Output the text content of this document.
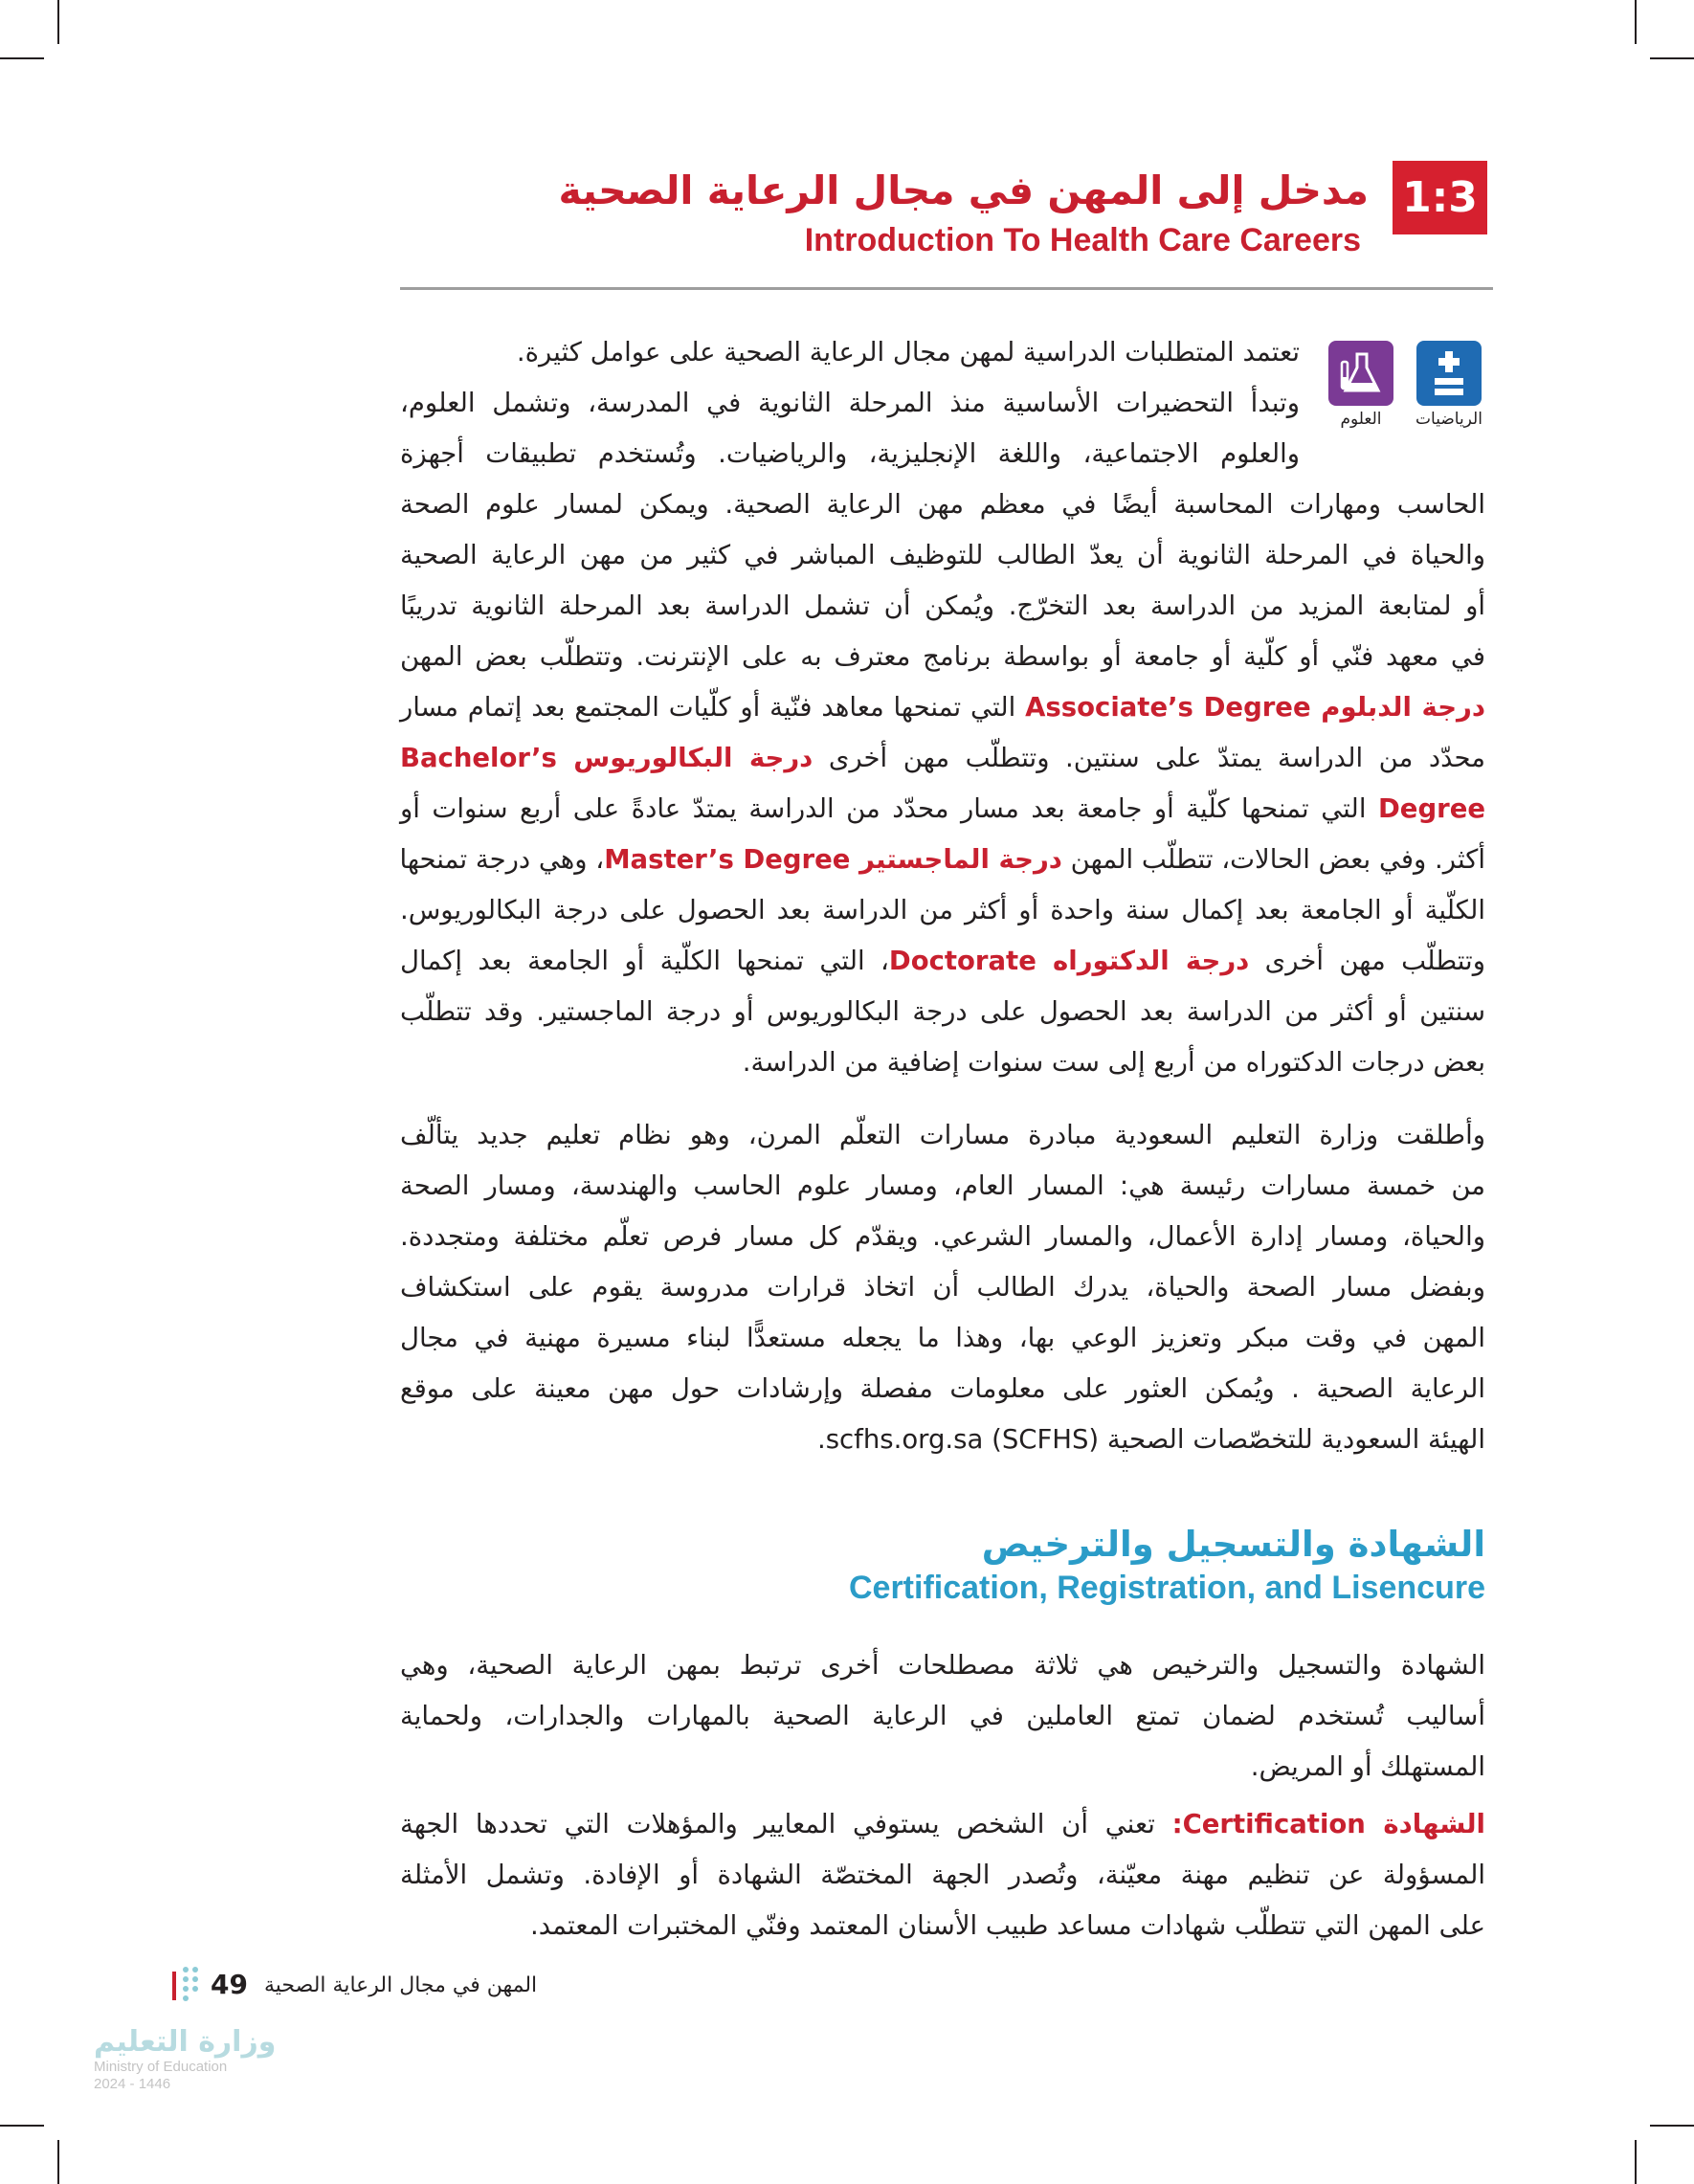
1:3
مدخل إلى المهن في مجال الرعاية الصحية
Introduction To Health Care Careers
الرياضيات
العلوم
تعتمد المتطلبات الدراسية لمهن مجال الرعاية الصحية على عوامل كثيرة.
وتبدأ التحضيرات الأساسية منذ المرحلة الثانوية في المدرسة، وتشمل العلوم،
والعلوم الاجتماعية، واللغة الإنجليزية، والرياضيات. وتُستخدم تطبيقات أجهزة
الحاسب ومهارات المحاسبة أيضًا في معظم مهن الرعاية الصحية. ويمكن لمسار علوم الصحة
والحياة في المرحلة الثانوية أن يعدّ الطالب للتوظيف المباشر في كثير من مهن الرعاية الصحية
أو لمتابعة المزيد من الدراسة بعد التخرّج. ويُمكن أن تشمل الدراسة بعد المرحلة الثانوية تدريبًا
في معهد فنّي أو كلّية أو جامعة أو بواسطة برنامج معترف به على الإنترنت. وتتطلّب بعض المهن
درجة الدبلوم Associate’s Degree التي تمنحها معاهد فنّية أو كلّيات المجتمع بعد إتمام مسار
محدّد من الدراسة يمتدّ على سنتين. وتتطلّب مهن أخرى درجة البكالوريوس Bachelor’s
Degree التي تمنحها كلّية أو جامعة بعد مسار محدّد من الدراسة يمتدّ عادةً على أربع سنوات أو
أكثر. وفي بعض الحالات، تتطلّب المهن درجة الماجستير Master’s Degree، وهي درجة تمنحها
الكلّية أو الجامعة بعد إكمال سنة واحدة أو أكثر من الدراسة بعد الحصول على درجة البكالوريوس.
وتتطلّب مهن أخرى درجة الدكتوراه Doctorate، التي تمنحها الكلّية أو الجامعة بعد إكمال
سنتين أو أكثر من الدراسة بعد الحصول على درجة البكالوريوس أو درجة الماجستير. وقد تتطلّب
بعض درجات الدكتوراه من أربع إلى ست سنوات إضافية من الدراسة.
وأطلقت وزارة التعليم السعودية مبادرة مسارات التعلّم المرن، وهو نظام تعليم جديد يتألّف
من خمسة مسارات رئيسة هي: المسار العام، ومسار علوم الحاسب والهندسة، ومسار الصحة
والحياة، ومسار إدارة الأعمال، والمسار الشرعي. ويقدّم كل مسار فرص تعلّم مختلفة ومتجددة.
وبفضل مسار الصحة والحياة، يدرك الطالب أن اتخاذ قرارات مدروسة يقوم على استكشاف
المهن في وقت مبكر وتعزيز الوعي بها، وهذا ما يجعله مستعدًّا لبناء مسيرة مهنية في مجال
الرعاية الصحية . ويُمكن العثور على معلومات مفصلة وإرشادات حول مهن معينة على موقع
الهيئة السعودية للتخصّصات الصحية scfhs.org.sa (SCFHS).
الشهادة والتسجيل والترخيص
Certification, Registration, and Lisencure
الشهادة والتسجيل والترخيص هي ثلاثة مصطلحات أخرى ترتبط بمهن الرعاية الصحية، وهي
أساليب تُستخدم لضمان تمتع العاملين في الرعاية الصحية بالمهارات والجدارات، ولحماية
المستهلك أو المريض.
الشهادة Certification: تعني أن الشخص يستوفي المعايير والمؤهلات التي تحددها الجهة
المسؤولة عن تنظيم مهنة معيّنة، وتُصدر الجهة المختصّة الشهادة أو الإفادة. وتشمل الأمثلة
على المهن التي تتطلّب شهادات مساعد طبيب الأسنان المعتمد وفنّي المختبرات المعتمد.
49 المهن في مجال الرعاية الصحية
وزارة التعليم
Ministry of Education
2024 - 1446
